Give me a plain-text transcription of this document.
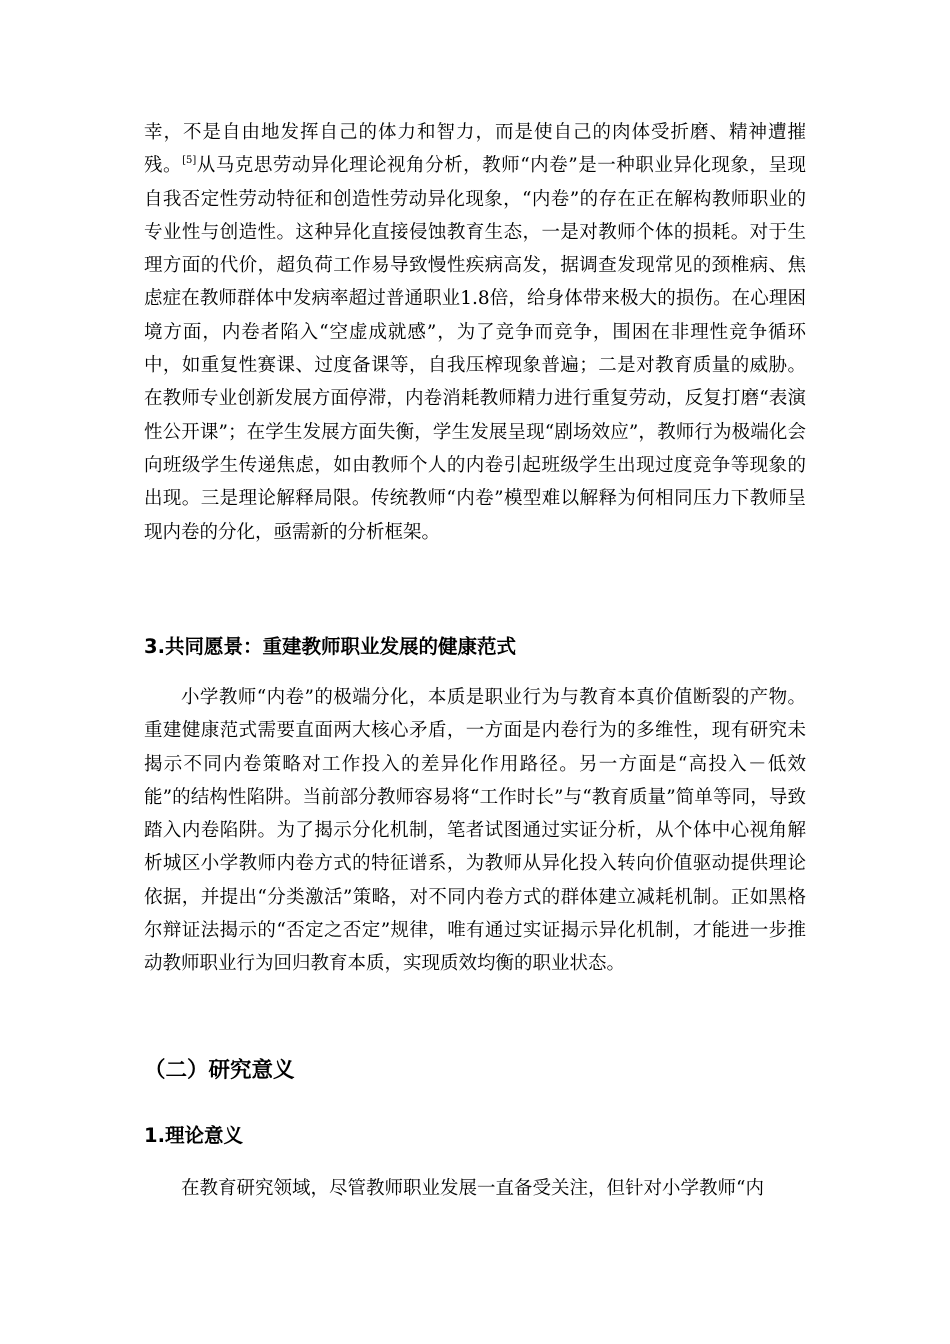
幸，不是自由地发挥自己的体力和智力，而是使自己的肉体受折磨、精神遭摧残。[5]从马克思劳动异化理论视角分析，教师“内卷”是一种职业异化现象，呈现自我否定性劳动特征和创造性劳动异化现象，“内卷”的存在正在解构教师职业的专业性与创造性。这种异化直接侵蚀教育生态，一是对教师个体的损耗。对于生理方面的代价，超负荷工作易导致慢性疾病高发，据调查发现常见的颈椎病、焦虑症在教师群体中发病率超过普通职业1.8倍，给身体带来极大的损伤。在心理困境方面，内卷者陷入“空虚成就感”，为了竞争而竞争，围困在非理性竞争循环中，如重复性赛课、过度备课等，自我压榨现象普遍；二是对教育质量的威胁。在教师专业创新发展方面停滞，内卷消耗教师精力进行重复劳动，反复打磨“表演性公开课”；在学生发展方面失衡，学生发展呈现“剧场效应”，教师行为极端化会向班级学生传递焦虑，如由教师个人的内卷引起班级学生出现过度竞争等现象的出现。三是理论解释局限。传统教师“内卷”模型难以解释为何相同压力下教师呈现内卷的分化，亟需新的分析框架。

3.共同愿景：重建教师职业发展的健康范式

小学教师“内卷”的极端分化，本质是职业行为与教育本真价值断裂的产物。重建健康范式需要直面两大核心矛盾，一方面是内卷行为的多维性，现有研究未揭示不同内卷策略对工作投入的差异化作用路径。另一方面是“高投入－低效能”的结构性陷阱。当前部分教师容易将“工作时长”与“教育质量”简单等同，导致踏入内卷陷阱。为了揭示分化机制，笔者试图通过实证分析，从个体中心视角解析城区小学教师内卷方式的特征谱系，为教师从异化投入转向价值驱动提供理论依据，并提出“分类激活”策略，对不同内卷方式的群体建立减耗机制。正如黑格尔辩证法揭示的“否定之否定”规律，唯有通过实证揭示异化机制，才能进一步推动教师职业行为回归教育本质，实现质效均衡的职业状态。

（二）研究意义
1.理论意义

在教育研究领域，尽管教师职业发展一直备受关注，但针对小学教师“内
